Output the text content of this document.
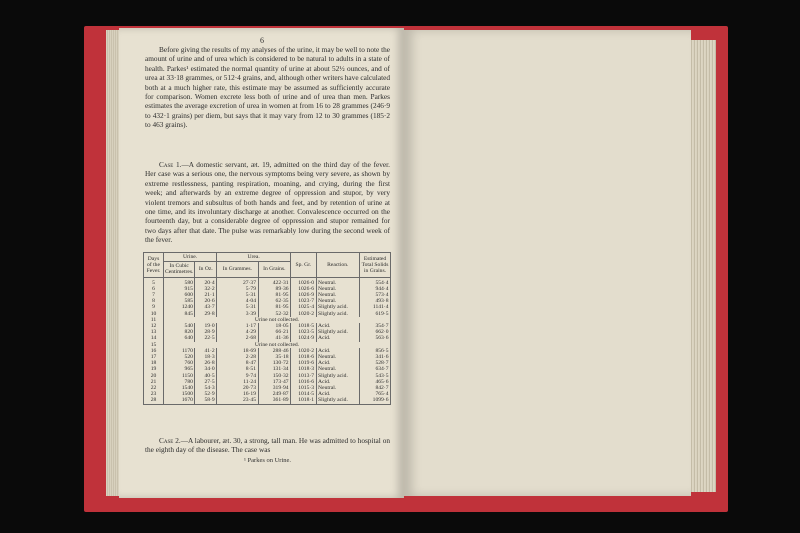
6

Before giving the results of my analyses of the urine, it may be well to note the amount of urine and of urea which is considered to be natural to adults in a state of health. Parkes¹ estimated the normal quantity of urine at about 52½ ounces, and of urea at 33·18 grammes, or 512·4 grains, and, although other writers have calculated both at a much higher rate, this estimate may be assumed as sufficiently accurate for comparison. Women excrete less both of urine and of urea than men. Parkes estimates the average excretion of urea in women at from 16 to 28 grammes (246·9 to 432·1 grains) per diem, but says that it may vary from 12 to 30 grammes (185·2 to 463 grains).

Case 1.—A domestic servant, æt. 19, admitted on the third day of the fever. Her case was a serious one, the nervous symptoms being very severe, as shown by extreme restlessness, panting respiration, moaning, and crying, during the first week; and afterwards by an extreme degree of oppression and stupor, by very violent tremors and subsultus of both hands and feet, and by retention of urine at one time, and its involuntary discharge at another. Convalescence occurred on the fourteenth day, but a considerable degree of oppression and stupor remained for two days after that date. The pulse was remarkably low during the second week of the fever.

Days of the Fever.	Urine.		Urea.		Sp. Gr.	Reaction.	Estimated Total Solids in Grains.
	In Cubic Centimetres.	In Oz.	In Grammes.	In Grains.			
5	580	20·4	27·37	422·31	1026·0	Neutral.	554·4
6	915	32·2	5·79	89·36	1026·6	Neutral.	944·4
7	600	21·1	5·31	81·95	1026·9	Neutral.	573·4
8	585	20·6	4·04	62·35	1023·7	Neutral.	493·8
9	1240	43·7	5·31	81·95	1025·4	Slightly acid.	1141·4
10	845	29·8	3·39	52·32	1020·2	Slightly acid.	619·5
11	Urine not collected.						
12	540	19·0	1·17	18·05	1018·5	Acid.	354·7
13	820	28·9	4·29	66·21	1023·5	Slightly acid.	662·0
14	640	22·5	2·68	41·36	1024·9	Acid.	563·6
15	Urine not collected.						
16	1170	41·2	18·69	288·46	1020·2	Acid.	856·5
17	520	18·3	2·28	35·18	1018·6	Neutral.	341·6
18	760	26·8	8·47	130·72	1019·6	Acid.	528·7
19	965	34·0	8·51	131·34	1018·3	Neutral.	634·7
20	1150	40·5	9·74	150·32	1013·7	Slightly acid.	543·5
21	780	27·5	11·24	173·47	1016·6	Acid.	465·6
22	1540	54·3	20·73	319·94	1015·3	Neutral.	842·7
23	1500	52·9	16·19	249·87	1014·5	Acid.	765·4
28	1670	58·9	23·45	361·89	1018·1	Slightly acid.	1099·6

Case 2.—A labourer, æt. 30, a strong, tall man. He was admitted to hospital on the eighth day of the disease. The case was

¹ Parkes on Urine.
